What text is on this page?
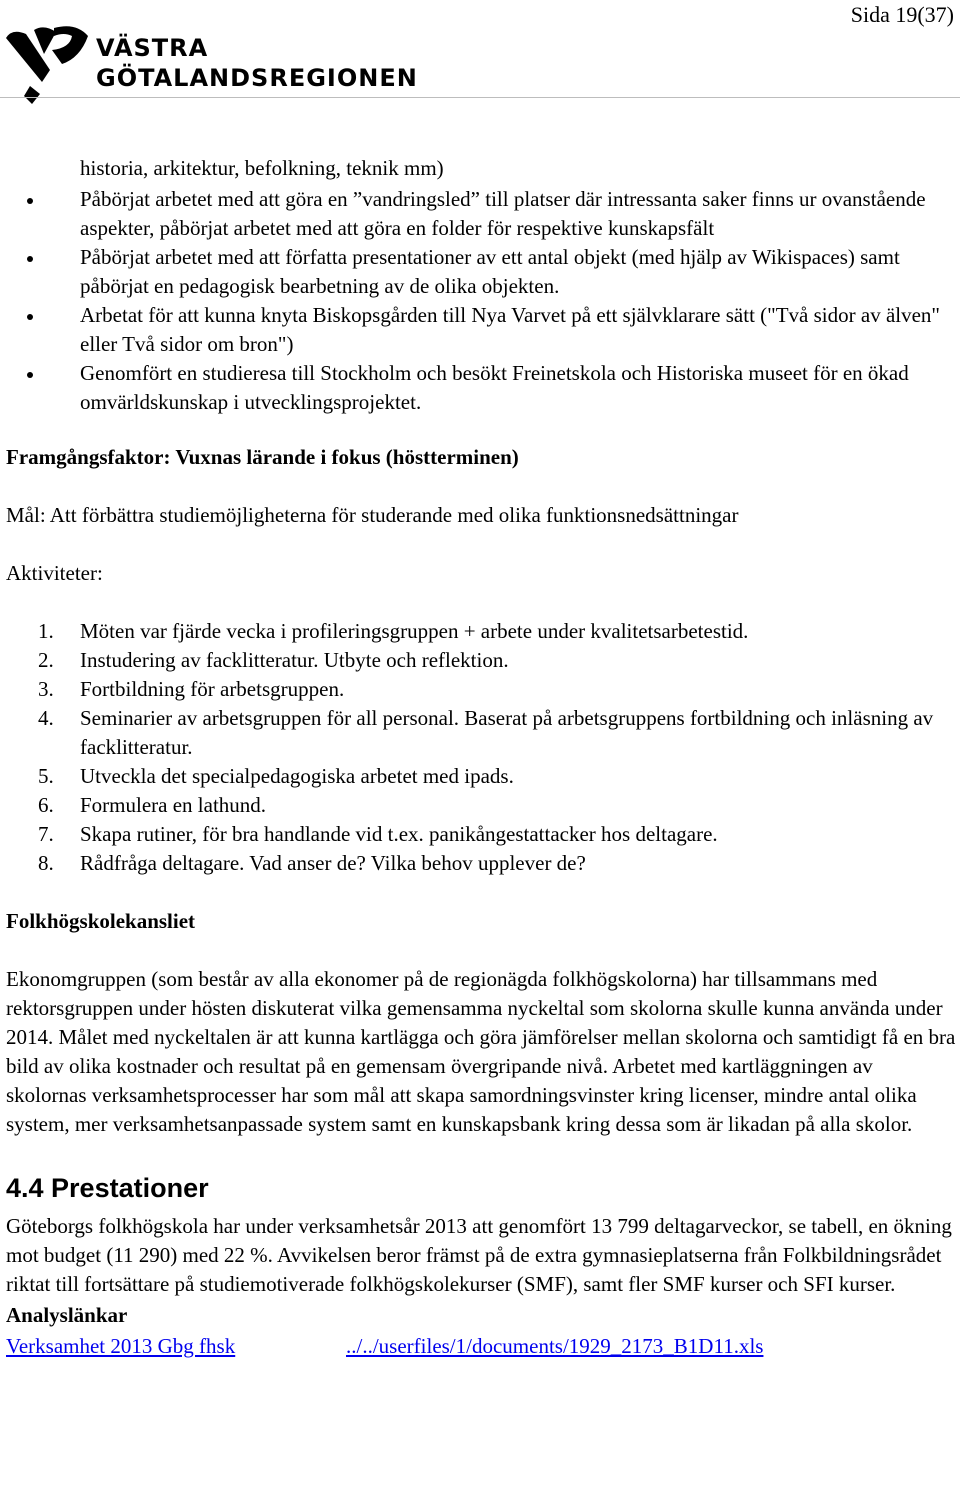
Sida 19(37)
VÄSTRA
GÖTALANDSREGIONEN

historia, arkitektur, befolkning, teknik mm)

Påbörjat arbetet med att göra en ”vandringsled” till platser där intressanta saker finns ur ovanstående aspekter, påbörjat arbetet med att göra en folder för respektive kunskapsfält
Påbörjat arbetet med att författa presentationer av ett antal objekt (med hjälp av Wikispaces) samt påbörjat en pedagogisk bearbetning av de olika objekten.
Arbetat för att kunna knyta Biskopsgården till Nya Varvet på ett självklarare sätt ("Två sidor av älven" eller Två sidor om bron")
Genomfört en studieresa till Stockholm och besökt Freinetskola och Historiska museet för en ökad omvärldskunskap i utvecklingsprojektet.

Framgångsfaktor: Vuxnas lärande i fokus (höstterminen)

Mål: Att förbättra studiemöjligheterna för studerande med olika funktionsnedsättningar

Aktiviteter:

1. Möten var fjärde vecka i profileringsgruppen + arbete under kvalitetsarbetestid.
2. Instudering av facklitteratur. Utbyte och reflektion.
3. Fortbildning för arbetsgruppen.
4. Seminarier av arbetsgruppen för all personal. Baserat på arbetsgruppens fortbildning och inläsning av facklitteratur.
5. Utveckla det specialpedagogiska arbetet med ipads.
6. Formulera en lathund.
7. Skapa rutiner, för bra handlande vid t.ex. panikångestattacker hos deltagare.
8. Rådfråga deltagare. Vad anser de? Vilka behov upplever de?

Folkhögskolekansliet

Ekonomgruppen (som består av alla ekonomer på de regionägda folkhögskolorna) har tillsammans med rektorsgruppen under hösten diskuterat vilka gemensamma nyckeltal som skolorna skulle kunna använda under 2014. Målet med nyckeltalen är att kunna kartlägga och göra jämförelser mellan skolorna och samtidigt få en bra bild av olika kostnader och resultat på en gemensam övergripande nivå. Arbetet med kartläggningen av skolornas verksamhetsprocesser har som mål att skapa samordningsvinster kring licenser, mindre antal olika system, mer verksamhetsanpassade system samt en kunskapsbank kring dessa som är likadan på alla skolor.

4.4 Prestationer

Göteborgs folkhögskola har under verksamhetsår 2013 att genomfört 13 799 deltagarveckor, se tabell, en ökning mot budget (11 290) med 22 %. Avvikelsen beror främst på de extra gymnasieplatserna från Folkbildningsrådet riktat till fortsättare på studiemotiverade folkhögskolekurser (SMF), samt fler SMF kurser och SFI kurser.

Analyslänkar

Verksamhet 2013 Gbg fhsk	../../userfiles/1/documents/1929_2173_B1D11.xls
